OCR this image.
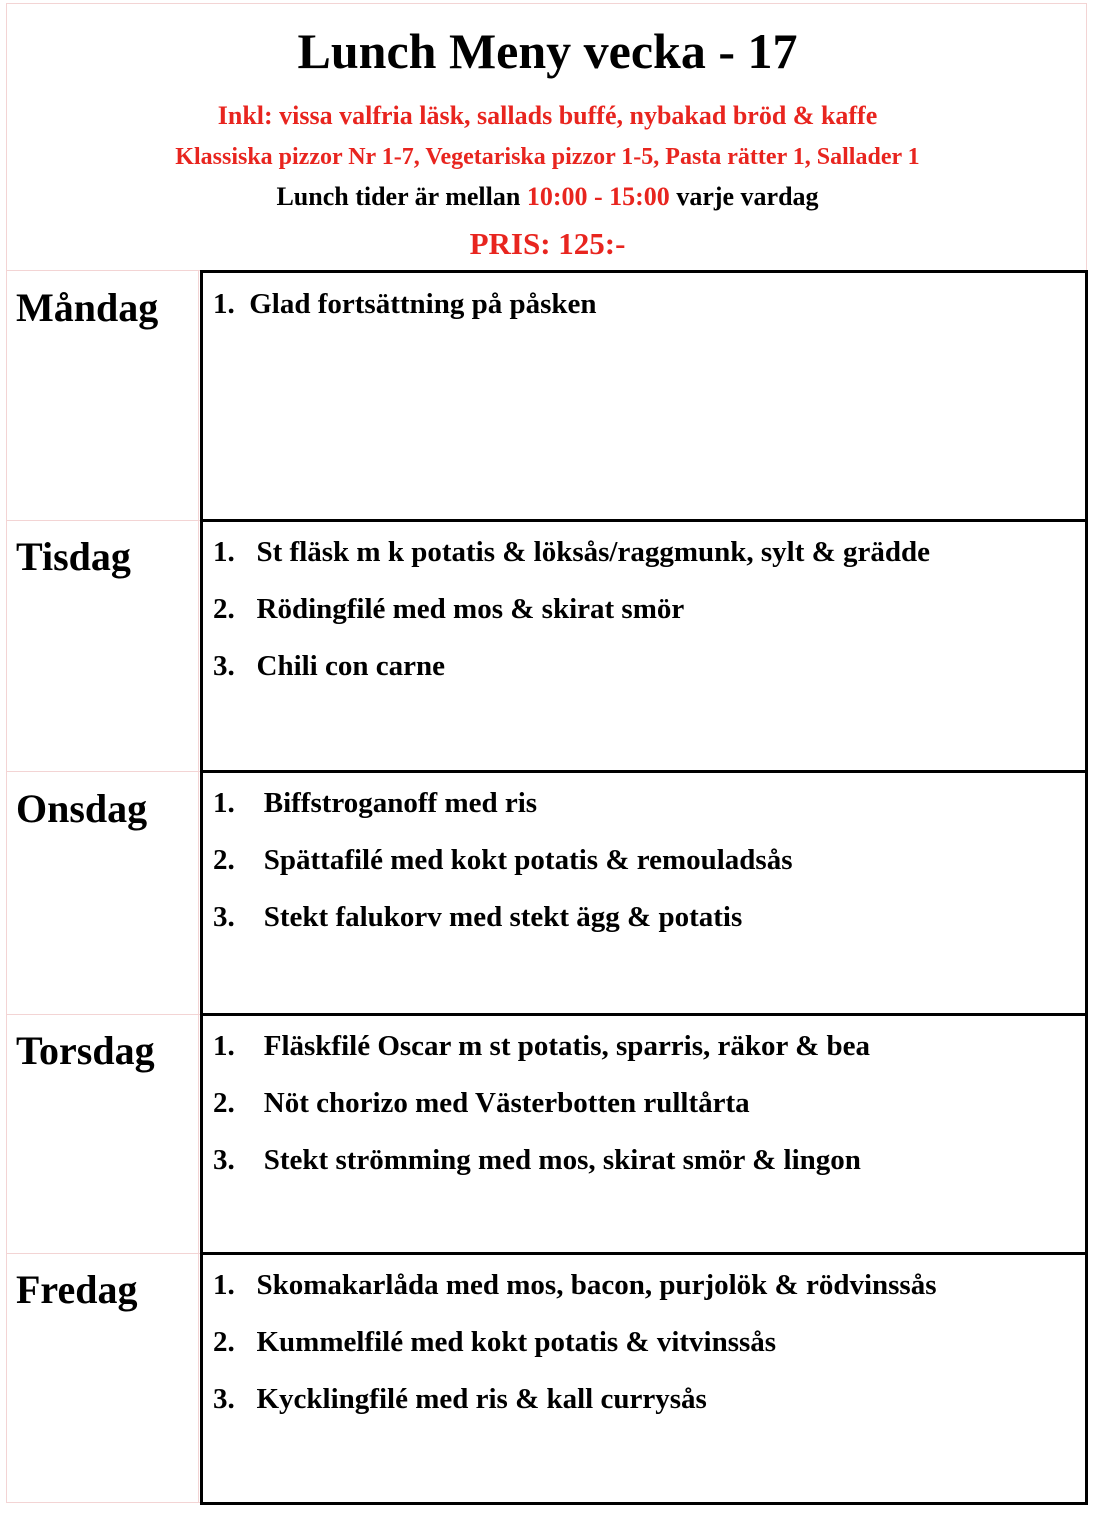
Lunch Meny vecka - 17
Inkl: vissa valfria läsk, sallads buffé, nybakad bröd & kaffe
Klassiska pizzor Nr 1-7, Vegetariska pizzor 1-5, Pasta rätter 1, Sallader 1
Lunch tider är mellan 10:00 - 15:00 varje vardag
PRIS: 125:-
Måndag 1. Glad fortsättning på påsken
Tisdag	1. St fläsk m k potatis & löksås/raggmunk, sylt & grädde
2. Rödingfilé med mos & skirat smör
3. Chili con carne
Onsdag 1. Biffstroganoff med ris
2. Spättafilé med kokt potatis & remouladsås
3. Stekt falukorv med stekt ägg & potatis
Torsdag 1. Fläskfilé Oscar m st potatis, sparris, räkor & bea
2. Nöt chorizo med Västerbotten rulltårta
3. Stekt strömming med mos, skirat smör & lingon
Fredag	1. Skomakarlåda med mos, bacon, purjolök & rödvinssås
2. Kummelfilé med kokt potatis & vitvinssås
3. Kycklingfilé med ris & kall currysås
